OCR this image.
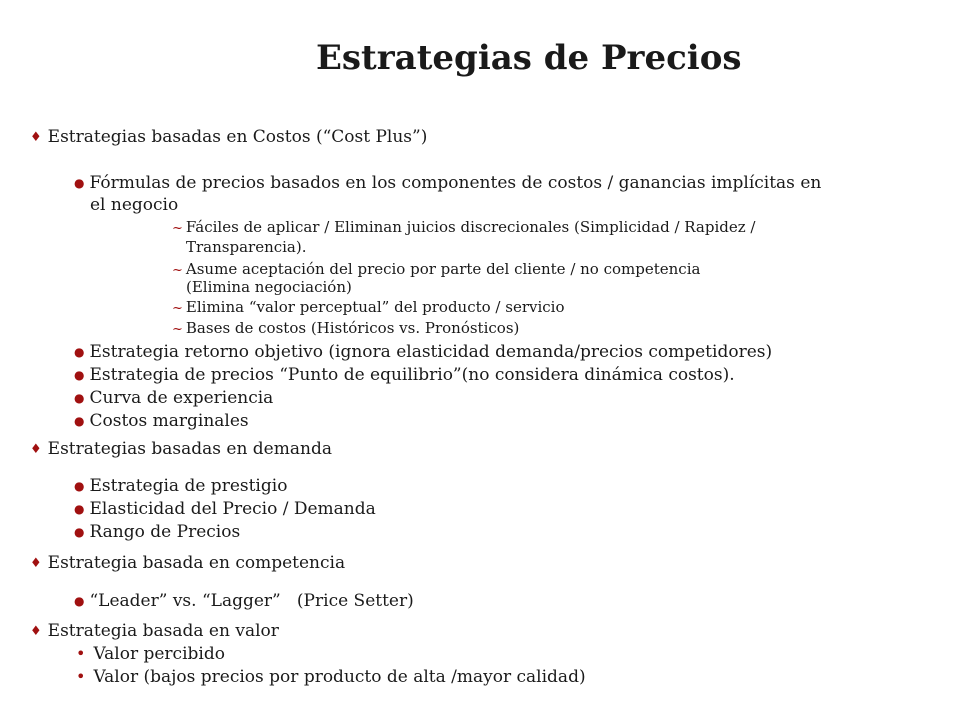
Estrategias de Precios
♦ Estrategias basadas en Costos (“Cost Plus”)
● Fórmulas de precios basados en los componentes de costos / ganancias implícitas en
el negocio
~ Fáciles de aplicar / Eliminan juicios discrecionales (Simplicidad / Rapidez /
Transparencia).
~ Asume aceptación del precio por parte del cliente / no competencia
(Elimina negociación)
~ Elimina “valor perceptual” del producto / servicio
~ Bases de costos (Históricos vs. Pronósticos)
● Estrategia retorno objetivo (ignora elasticidad demanda/precios competidores)
● Estrategia de precios “Punto de equilibrio”(no considera dinámica costos).
● Curva de experiencia
● Costos marginales
♦ Estrategias basadas en demanda
● Estrategia de prestigio
● Elasticidad del Precio / Demanda
● Rango de Precios
♦ Estrategia basada en competencia
● “Leader” vs. “Lagger”   (Price Setter)
♦ Estrategia basada en valor
• Valor percibido
• Valor (bajos precios por producto de alta /mayor calidad)
